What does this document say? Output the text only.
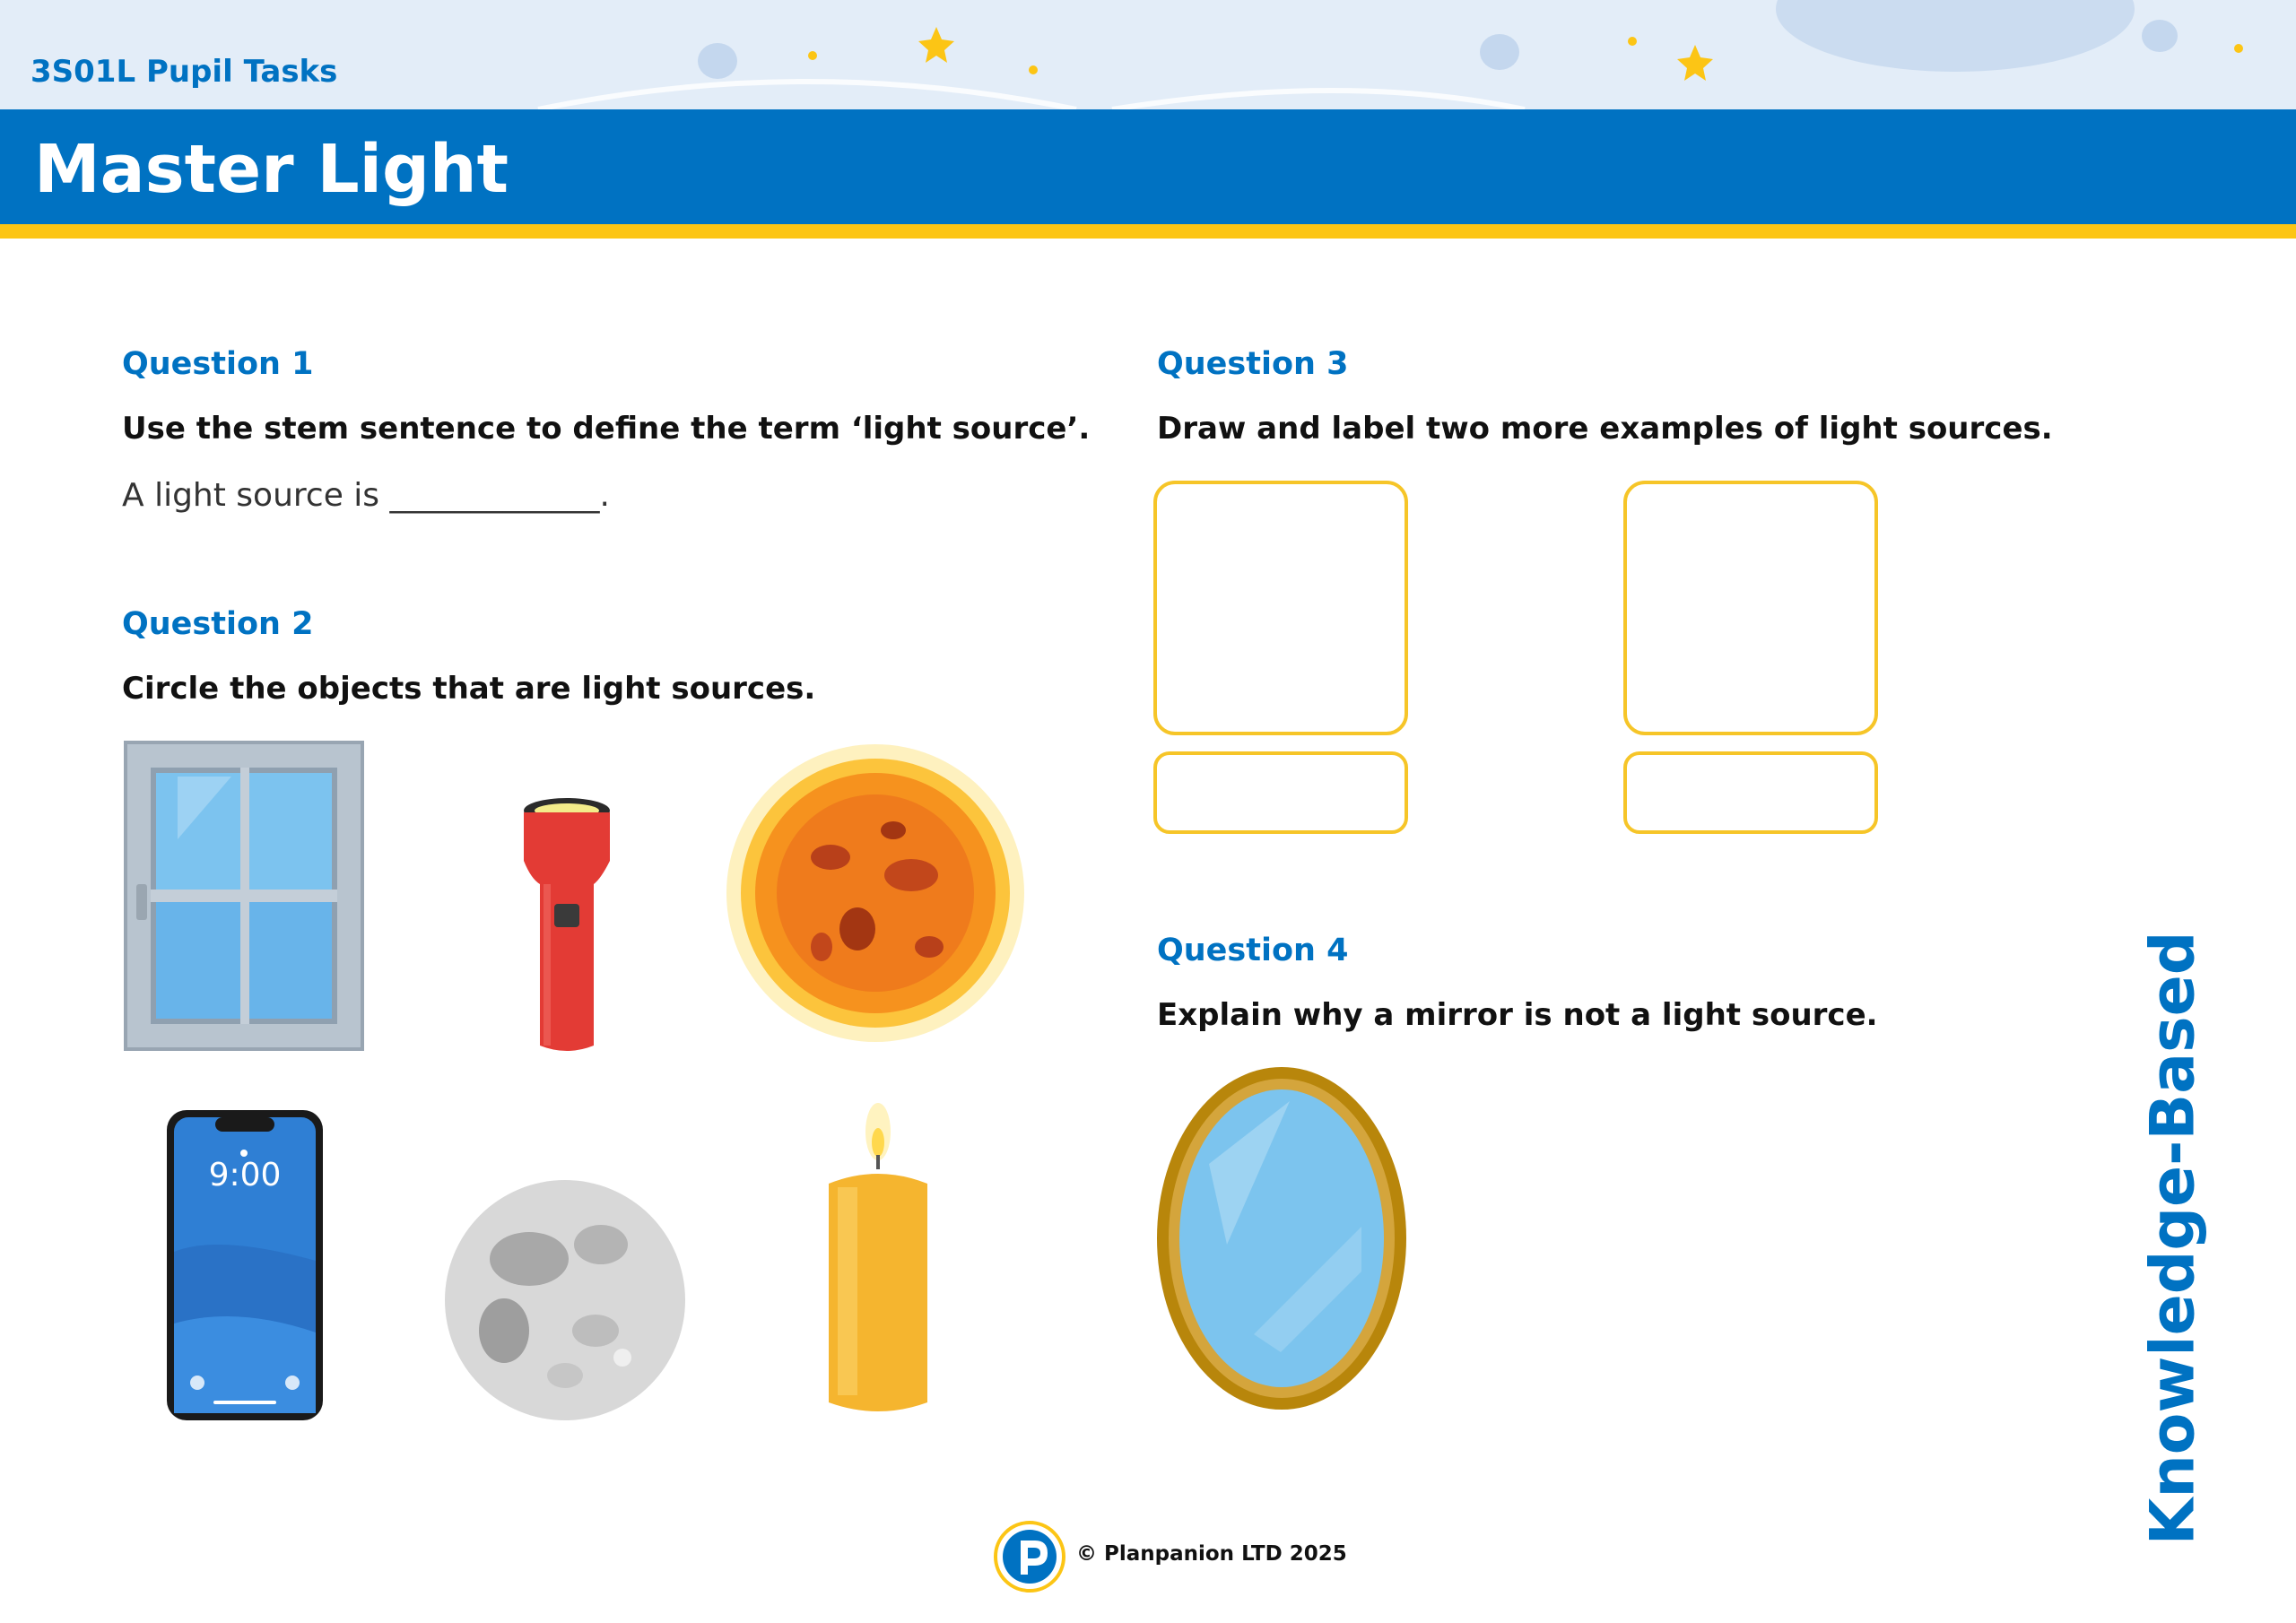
3S01L Pupil Tasks
Master Light
Question 1
Use the stem sentence to define the term ‘light source’.
A light source is _____________.
Question 2
Circle the objects that are light sources.
9:00
Question 3
Draw and label two more examples of light sources.
Question 4
Explain why a mirror is not a light source.	Knowledge-Based
© Planpanion LTD 2025
